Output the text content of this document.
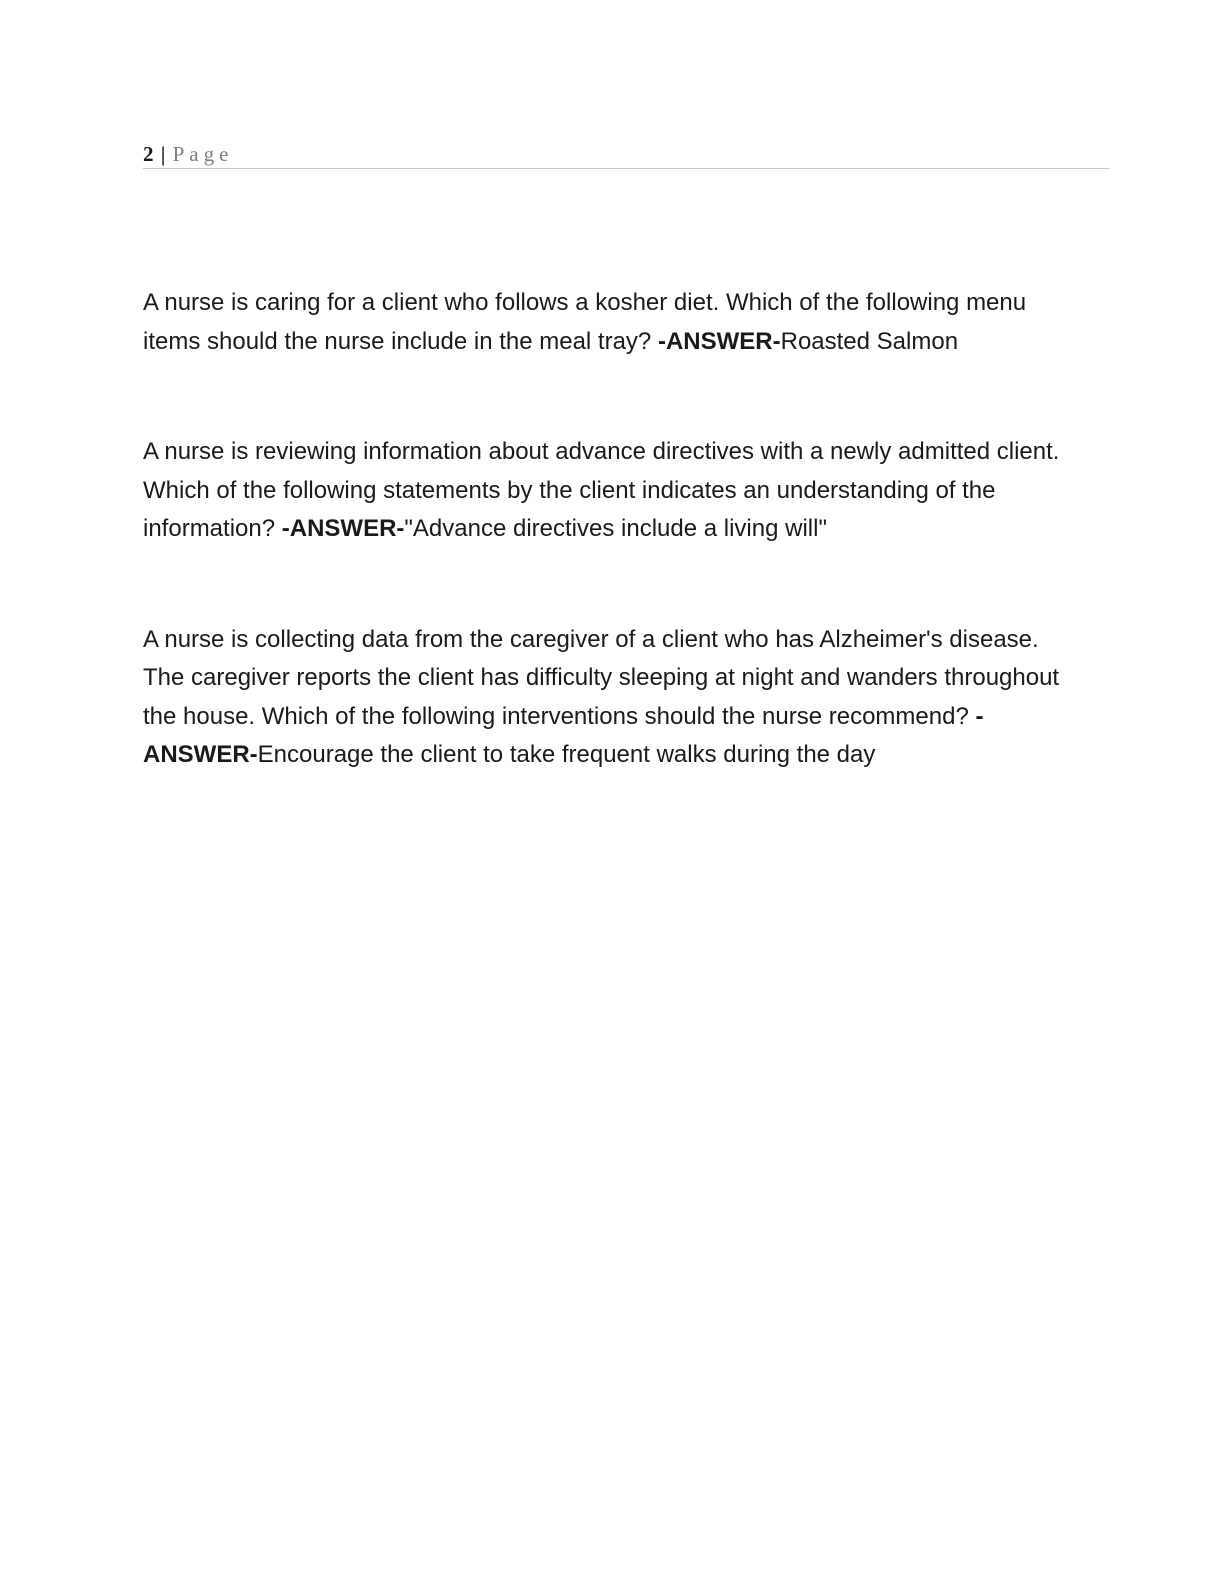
2 | Page

A nurse is caring for a client who follows a kosher diet. Which of the following menu items should the nurse include in the meal tray? -ANSWER-Roasted Salmon

A nurse is reviewing information about advance directives with a newly admitted client. Which of the following statements by the client indicates an understanding of the information? -ANSWER-"Advance directives include a living will"

A nurse is collecting data from the caregiver of a client who has Alzheimer's disease. The caregiver reports the client has difficulty sleeping at night and wanders throughout the house. Which of the following interventions should the nurse recommend? -ANSWER-Encourage the client to take frequent walks during the day
